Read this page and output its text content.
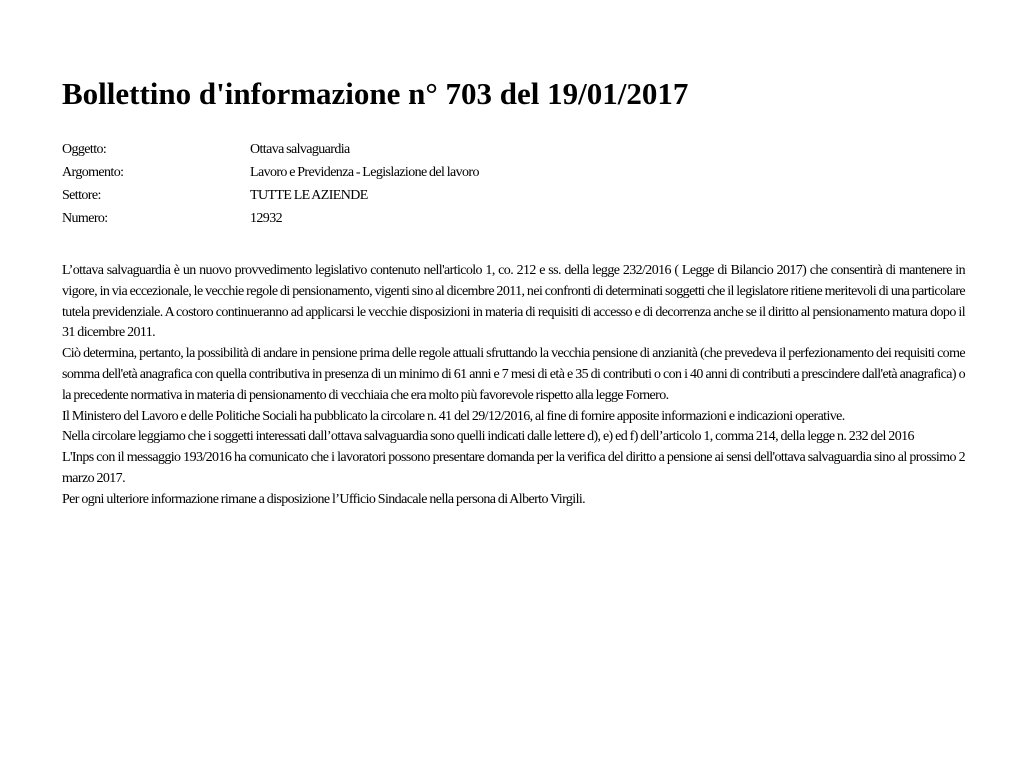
Bollettino d'informazione n° 703 del 19/01/2017
Oggetto:	Ottava salvaguardia
Argomento:	Lavoro e Previdenza - Legislazione del lavoro
Settore:	TUTTE LE AZIENDE
Numero:	12932

L’ottava salvaguardia è un nuovo provvedimento legislativo contenuto nell'articolo 1, co. 212 e ss. della legge 232/2016 ( Legge di Bilancio 2017) che consentirà di mantenere in vigore, in via eccezionale, le vecchie regole di pensionamento, vigenti sino al dicembre 2011, nei confronti di determinati soggetti che il legislatore ritiene meritevoli di una particolare tutela previdenziale. A costoro continueranno ad applicarsi le vecchie disposizioni in materia di requisiti di accesso e di decorrenza anche se il diritto al pensionamento matura dopo il 31 dicembre 2011.

Ciò determina, pertanto, la possibilità di andare in pensione prima delle regole attuali sfruttando la vecchia pensione di anzianità (che prevedeva il perfezionamento dei requisiti come somma dell'età anagrafica con quella contributiva in presenza di un minimo di 61 anni e 7 mesi di età e 35 di contributi o con i 40 anni di contributi a prescindere dall'età anagrafica) o la precedente normativa in materia di pensionamento di vecchiaia che era molto più favorevole rispetto alla legge Fornero.

Il Ministero del Lavoro e delle Politiche Sociali ha pubblicato la circolare n. 41 del 29/12/2016, al fine di fornire apposite informazioni e indicazioni operative.

Nella circolare leggiamo che i soggetti interessati dall’ottava salvaguardia sono quelli indicati dalle lettere d), e) ed f) dell’articolo 1, comma 214, della legge n. 232 del 2016

L'Inps con il messaggio 193/2016 ha comunicato che i lavoratori possono presentare domanda per la verifica del diritto a pensione ai sensi dell'ottava salvaguardia sino al prossimo 2 marzo 2017.

Per ogni ulteriore informazione rimane a disposizione l’Ufficio Sindacale nella persona di Alberto Virgili.
